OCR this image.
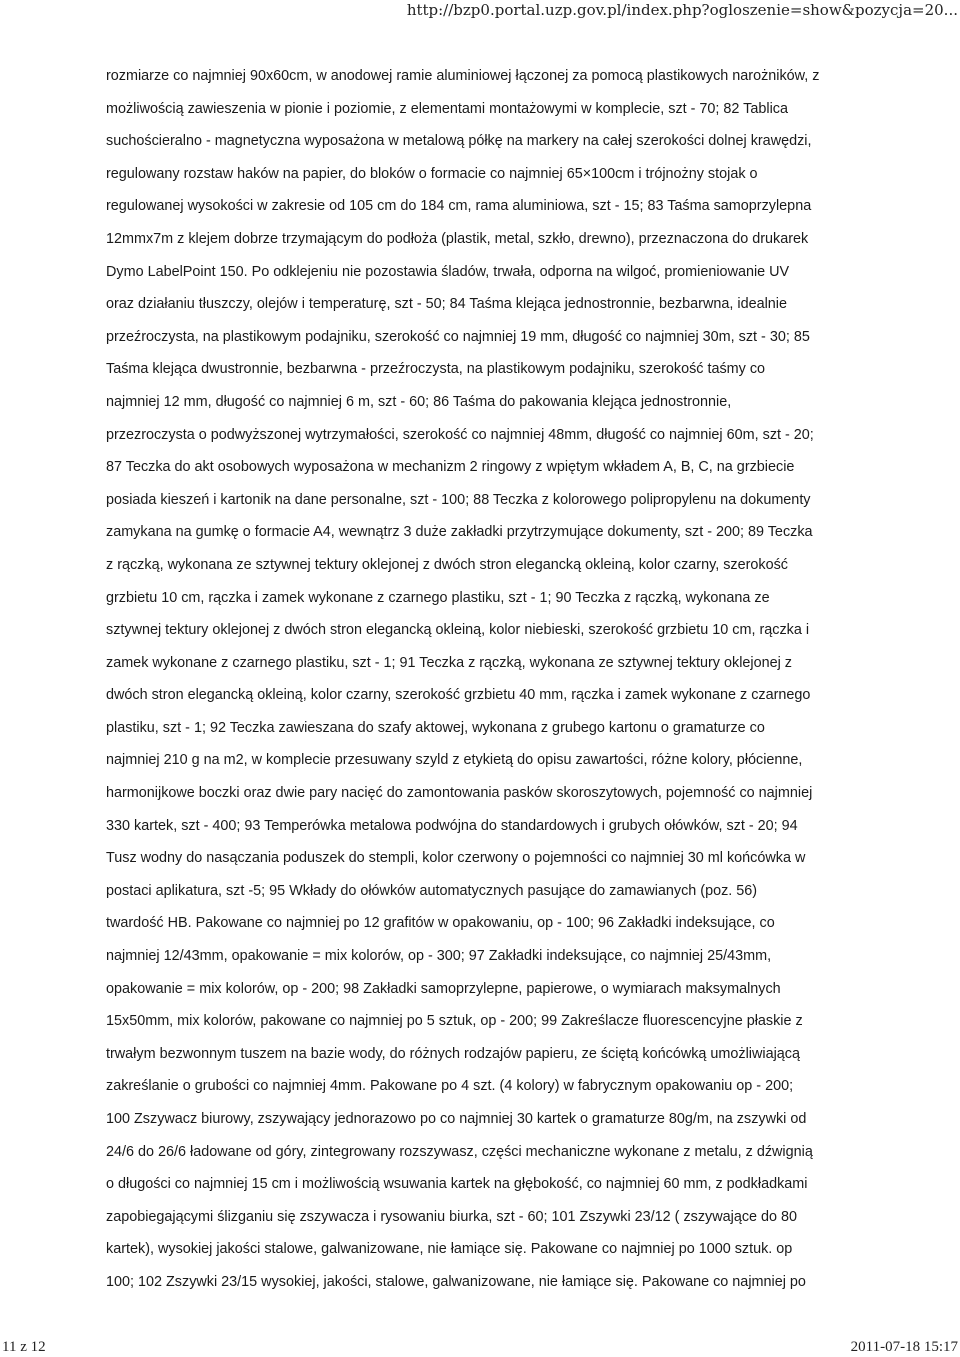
http://bzp0.portal.uzp.gov.pl/index.php?ogloszenie=show&pozycja=20...
rozmiarze co najmniej 90x60cm, w anodowej ramie aluminiowej łączonej za pomocą plastikowych narożników, z
możliwością zawieszenia w pionie i poziomie, z elementami montażowymi w komplecie, szt - 70; 82 Tablica
suchościeralno - magnetyczna wyposażona w metalową półkę na markery na całej szerokości dolnej krawędzi,
regulowany rozstaw haków na papier, do bloków o formacie co najmniej 65×100cm i trójnożny stojak o
regulowanej wysokości w zakresie od 105 cm do 184 cm, rama aluminiowa, szt - 15; 83 Taśma samoprzylepna
12mmx7m z klejem dobrze trzymającym do podłoża (plastik, metal, szkło, drewno), przeznaczona do drukarek
Dymo LabelPoint 150. Po odklejeniu nie pozostawia śladów, trwała, odporna na wilgoć, promieniowanie UV
oraz działaniu tłuszczy, olejów i temperaturę, szt - 50; 84 Taśma klejąca jednostronnie, bezbarwna, idealnie
przeźroczysta, na plastikowym podajniku, szerokość co najmniej 19 mm, długość co najmniej 30m, szt - 30; 85
Taśma klejąca dwustronnie, bezbarwna - przeźroczysta, na plastikowym podajniku, szerokość taśmy co
najmniej 12 mm, długość co najmniej 6 m, szt - 60; 86 Taśma do pakowania klejąca jednostronnie,
przezroczysta o podwyższonej wytrzymałości, szerokość co najmniej 48mm, długość co najmniej 60m, szt - 20;
87 Teczka do akt osobowych wyposażona w mechanizm 2 ringowy z wpiętym wkładem A, B, C, na grzbiecie
posiada kieszeń i kartonik na dane personalne, szt - 100; 88 Teczka z kolorowego polipropylenu na dokumenty
zamykana na gumkę o formacie A4, wewnątrz 3 duże zakładki przytrzymujące dokumenty, szt - 200; 89 Teczka
z rączką, wykonana ze sztywnej tektury oklejonej z dwóch stron elegancką okleiną, kolor czarny, szerokość
grzbietu 10 cm, rączka i zamek wykonane z czarnego plastiku, szt - 1; 90 Teczka z rączką, wykonana ze
sztywnej tektury oklejonej z dwóch stron elegancką okleiną, kolor niebieski, szerokość grzbietu 10 cm, rączka i
zamek wykonane z czarnego plastiku, szt - 1; 91 Teczka z rączką, wykonana ze sztywnej tektury oklejonej z
dwóch stron elegancką okleiną, kolor czarny, szerokość grzbietu 40 mm, rączka i zamek wykonane z czarnego
plastiku, szt - 1; 92 Teczka zawieszana do szafy aktowej, wykonana z grubego kartonu o gramaturze co
najmniej 210 g na m2, w komplecie przesuwany szyld z etykietą do opisu zawartości, różne kolory, płócienne,
harmonijkowe boczki oraz dwie pary nacięć do zamontowania pasków skoroszytowych, pojemność co najmniej
330 kartek, szt - 400; 93 Temperówka metalowa podwójna do standardowych i grubych ołówków, szt - 20; 94
Tusz wodny do nasączania poduszek do stempli, kolor czerwony o pojemności co najmniej 30 ml końcówka w
postaci aplikatura, szt -5; 95 Wkłady do ołówków automatycznych pasujące do zamawianych (poz. 56)
twardość HB. Pakowane co najmniej po 12 grafitów w opakowaniu, op - 100; 96 Zakładki indeksujące, co
najmniej 12/43mm, opakowanie = mix kolorów, op - 300; 97 Zakładki indeksujące, co najmniej 25/43mm,
opakowanie = mix kolorów, op - 200; 98 Zakładki samoprzylepne, papierowe, o wymiarach maksymalnych
15x50mm, mix kolorów, pakowane co najmniej po 5 sztuk, op - 200; 99 Zakreślacze fluorescencyjne płaskie z
trwałym bezwonnym tuszem na bazie wody, do różnych rodzajów papieru, ze ściętą końcówką umożliwiającą
zakreślanie o grubości co najmniej 4mm. Pakowane po 4 szt. (4 kolory) w fabrycznym opakowaniu op - 200;
100 Zszywacz biurowy, zszywający jednorazowo po co najmniej 30 kartek o gramaturze 80g/m, na zszywki od
24/6 do 26/6 ładowane od góry, zintegrowany rozszywasz, części mechaniczne wykonane z metalu, z dźwignią
o długości co najmniej 15 cm i możliwością wsuwania kartek na głębokość, co najmniej 60 mm, z podkładkami
zapobiegającymi ślizganiu się zszywacza i rysowaniu biurka, szt - 60; 101 Zszywki 23/12 ( zszywające do 80
kartek), wysokiej jakości stalowe, galwanizowane, nie łamiące się. Pakowane co najmniej po 1000 sztuk. op
100; 102 Zszywki 23/15 wysokiej, jakości, stalowe, galwanizowane, nie łamiące się. Pakowane co najmniej po
11 z 12	2011-07-18 15:17
